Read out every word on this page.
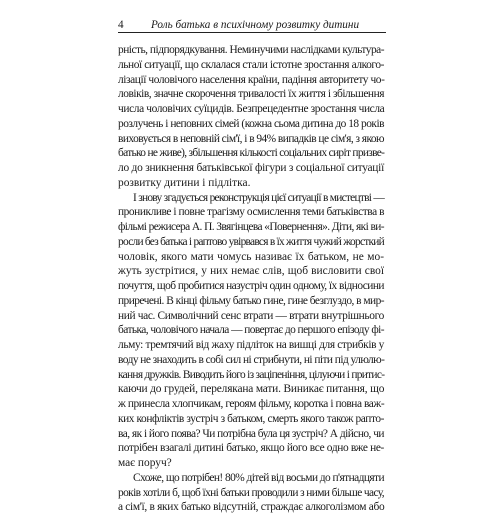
4	Роль батька в психічному розвитку дитини

рність, підпорядкування. Неминучими наслідками культура-
льної ситуації, що склалася стали істотне зростання алкого-
лізації чоловічого населення країни, падіння авторитету чо-
ловіків, значне скорочення тривалості їх життя і збільшення
числа чоловічих суїцидів. Безпрецедентне зростання числа
розлучень і неповних сімей (кожна сьома дитина до 18 років
виховується в неповній сім'ї, і в 94% випадків це сім'я, з якою
батько не живе), збільшення кількості соціальних сиріт призве-
ло до зникнення батьківської фігури з соціальної ситуації
розвитку дитини і підлітка.

І знову згадується реконструкція цієї ситуації в мистецтві —
проникливе і повне трагізму осмислення теми батьківства в
фільмі режисера А. П. Звягінцева «Повернення». Діти, які ви-
росли без батька і раптово увірвався в їх життя чужий жорсткий
чоловік, якого мати чомусь називає їх батьком, не мо-
жуть зустрітися, у них немає слів, щоб висловити свої
почуття, щоб пробитися назустріч один одному, їх відносини
приречені. В кінці фільму батько гине, гине безглуздо, в мир-
ний час. Символічний сенс втрати — втрати внутрішнього
батька, чоловічого начала — повертає до першого епізоду фі-
льму: тремтячий від жаху підліток на вишці для стрибків у
воду не знаходить в собі сил ні стрибнути, ні піти під улюлю-
кання дружків. Виводить його із заціпеніння, цілуючи і притис-
каючи до грудей, переляканa мати. Виникає питання, що
ж принесла хлопчикам, героям фільму, коротка і повна важ-
ких конфліктів зустріч з батьком, смерть якого також рапто-
ва, як і його поява? Чи потрібна була ця зустріч? А дійсно, чи
потрібен взагалі дитині батько, якщо його все одно вже не-
має поруч?

Схоже, що потрібен! 80% дітей від восьми до п'ятнадцяти
років хотіли б, щоб їхні батьки проводили з ними більше часу,
а сім'ї, в яких батько відсутній, страждає алкоголізмом або
